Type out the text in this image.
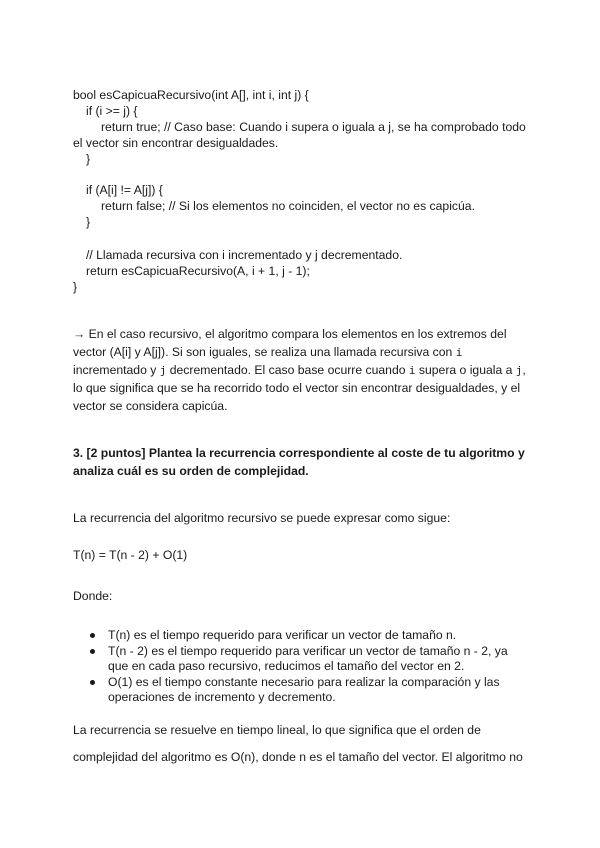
bool esCapicuaRecursivo(int A[], int i, int j) {
if (i >= j) {
return true; // Caso base: Cuando i supera o iguala a j, se ha comprobado todo
el vector sin encontrar desigualdades.
}
if (A[i] != A[j]) {
return false; // Si los elementos no coinciden, el vector no es capicúa.
}
// Llamada recursiva con i incrementado y j decrementado.
return esCapicuaRecursivo(A, i + 1, j - 1);
}
→ En el caso recursivo, el algoritmo compara los elementos en los extremos del
vector (A[i] y A[j]). Si son iguales, se realiza una llamada recursiva con i
incrementado y j decrementado. El caso base ocurre cuando i supera o iguala a j,
lo que significa que se ha recorrido todo el vector sin encontrar desigualdades, y el
vector se considera capicúa.
3. [2 puntos] Plantea la recurrencia correspondiente al coste de tu algoritmo y
analiza cuál es su orden de complejidad.
La recurrencia del algoritmo recursivo se puede expresar como sigue:
T(n) = T(n - 2) + O(1)
Donde:
T(n) es el tiempo requerido para verificar un vector de tamaño n.
T(n - 2) es el tiempo requerido para verificar un vector de tamaño n - 2, ya
que en cada paso recursivo, reducimos el tamaño del vector en 2.
O(1) es el tiempo constante necesario para realizar la comparación y las
operaciones de incremento y decremento.
La recurrencia se resuelve en tiempo lineal, lo que significa que el orden de
complejidad del algoritmo es O(n), donde n es el tamaño del vector. El algoritmo no
